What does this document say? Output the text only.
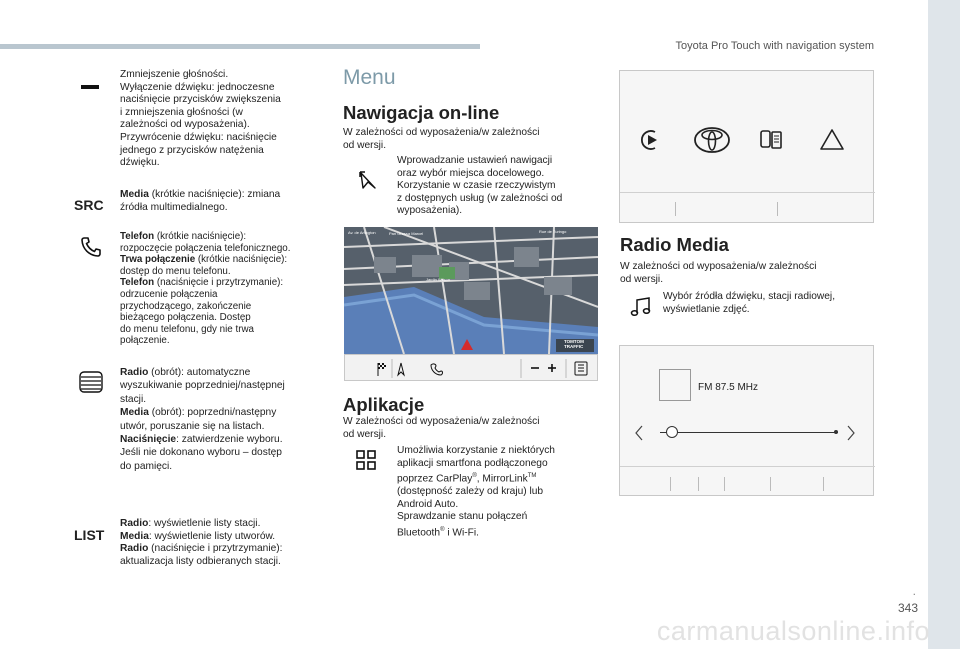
Toyota Pro Touch with navigation system
.
343
carmanualsonline.info
Zmniejszenie głośności.
Wyłączenie dźwięku: jednoczesne
naciśnięcie przycisków zwiększenia
i zmniejszenia głośności (w
zależności od wyposażenia).
Przywrócenie dźwięku: naciśnięcie
jednego z przycisków natężenia
dźwięku.
SRC
Media (krótkie naciśnięcie): zmiana
źródła multimedialnego.
Telefon (krótkie naciśnięcie):
rozpoczęcie połączenia telefonicznego.
Trwa połączenie (krótkie naciśnięcie):
dostęp do menu telefonu.
Telefon (naciśnięcie i przytrzymanie):
odrzucenie połączenia
przychodzącego, zakończenie
bieżącego połączenia. Dostęp
do menu telefonu, gdy nie trwa
połączenie.
Radio (obrót): automatyczne
wyszukiwanie poprzedniej/następnej
stacji.
Media (obrót): poprzedni/następny
utwór, poruszanie się na listach.
Naciśnięcie: zatwierdzenie wyboru.
Jeśli nie dokonano wyboru – dostęp
do pamięci.
LIST
Radio: wyświetlenie listy stacji.
Media: wyświetlenie listy utworów.
Radio (naciśnięcie i przytrzymanie):
aktualizacja listy odbieranych stacji.
Menu
Nawigacja on-line
W zależności od wyposażenia/w zależności
od wersji.
Wprowadzanie ustawień nawigacji
oraz wybór miejsca docelowego.
Korzystanie w czasie rzeczywistym
z dostępnych usług (w zależności od
wyposażenia).
TOMTOM
TRAFFIC
Av. de Arlington	Rue de Turingo
Pan Grassa Marcel
Jardin Wilson
Aplikacje
W zależności od wyposażenia/w zależności
od wersji.
Umożliwia korzystanie z niektórych
aplikacji smartfona podłączonego
poprzez CarPlay®, MirrorLink™
(dostępność zależy od kraju) lub
Android Auto.
Sprawdzanie stanu połączeń
Bluetooth® i Wi-Fi.
Radio Media
W zależności od wyposażenia/w zależności
od wersji.
Wybór źródła dźwięku, stacji radiowej,
wyświetlanie zdjęć.
FM 87.5 MHz
